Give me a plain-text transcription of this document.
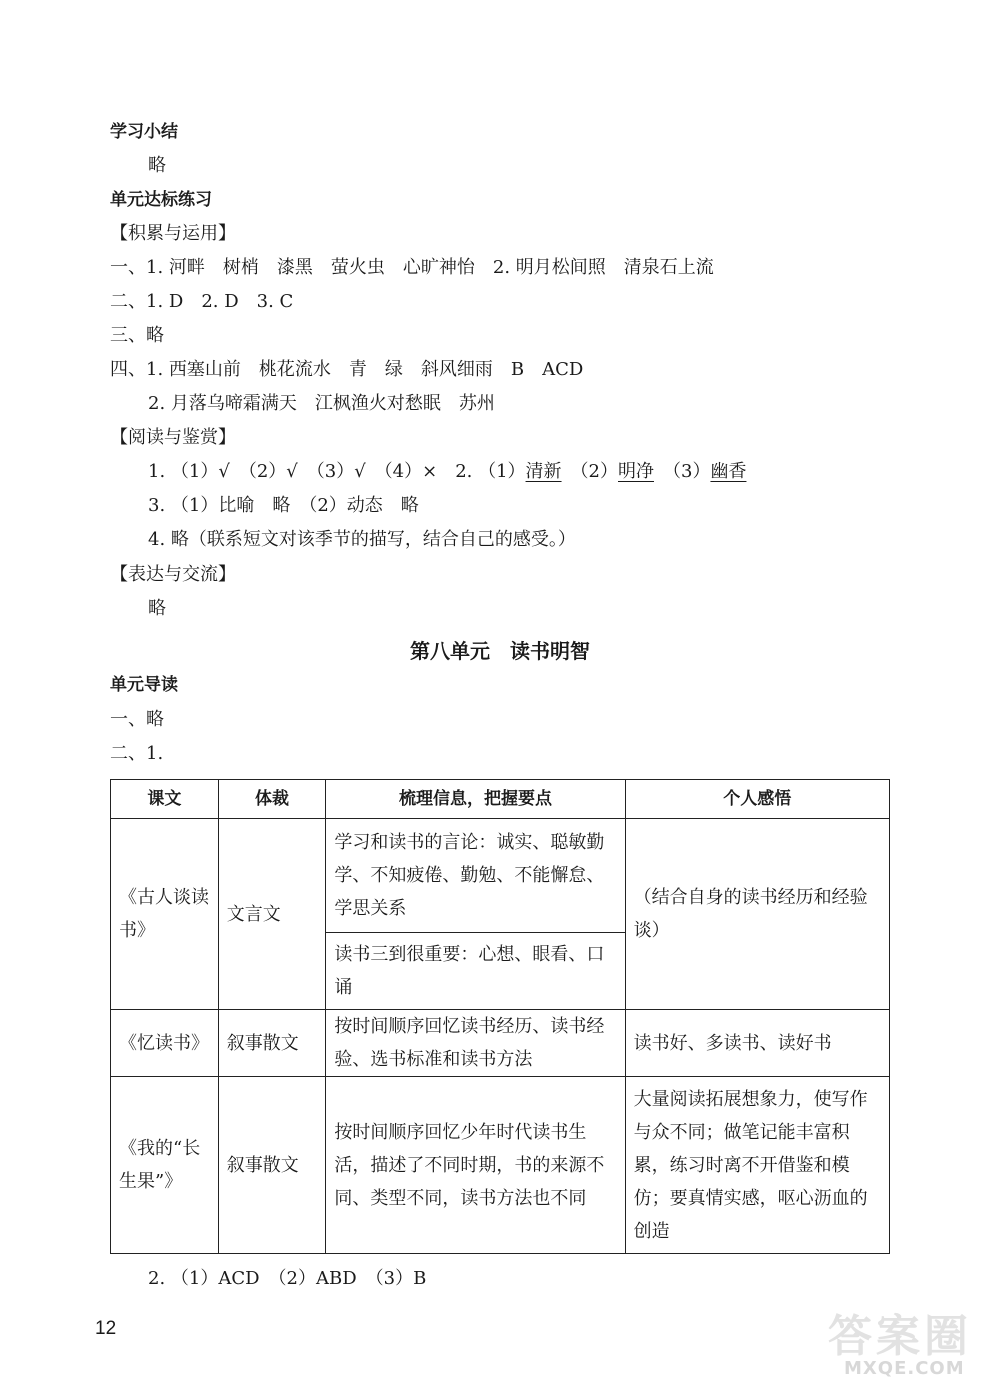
学习小结
略
单元达标练习
【积累与运用】
一、1. 河畔　树梢　漆黑　萤火虫　心旷神怡　2. 明月松间照　清泉石上流
二、1. D　2. D　3. C
三、略
四、1. 西塞山前　桃花流水　青　绿　斜风细雨　B　ACD
2. 月落乌啼霜满天　江枫渔火对愁眠　苏州
【阅读与鉴赏】
1. （1）√　（2）√　（3）√　（4）×　2. （1）清新　（2）明净　（3）幽香
3. （1）比喻　略　（2）动态　略
4. 略（联系短文对该季节的描写，结合自己的感受。）
【表达与交流】
略
第八单元　读书明智
单元导读
一、略
二、1.
课文	体裁	梳理信息，把握要点	个人感悟
《古人谈读书》	文言文	学习和读书的言论：诚实、聪敏勤学、不知疲倦、勤勉、不能懈怠、学思关系	（结合自身的读书经历和经验谈）
		读书三到很重要：心想、眼看、口诵	
《忆读书》	叙事散文	按时间顺序回忆读书经历、读书经验、选书标准和读书方法	读书好、多读书、读好书
《我的“长生果”》	叙事散文	按时间顺序回忆少年时代读书生活，描述了不同时期，书的来源不同、类型不同，读书方法也不同	大量阅读拓展想象力，使写作与众不同；做笔记能丰富积累，练习时离不开借鉴和模仿；要真情实感，呕心沥血的创造
2. （1）ACD　（2）ABD　（3）B
12	答案圈
MXQE.COM
